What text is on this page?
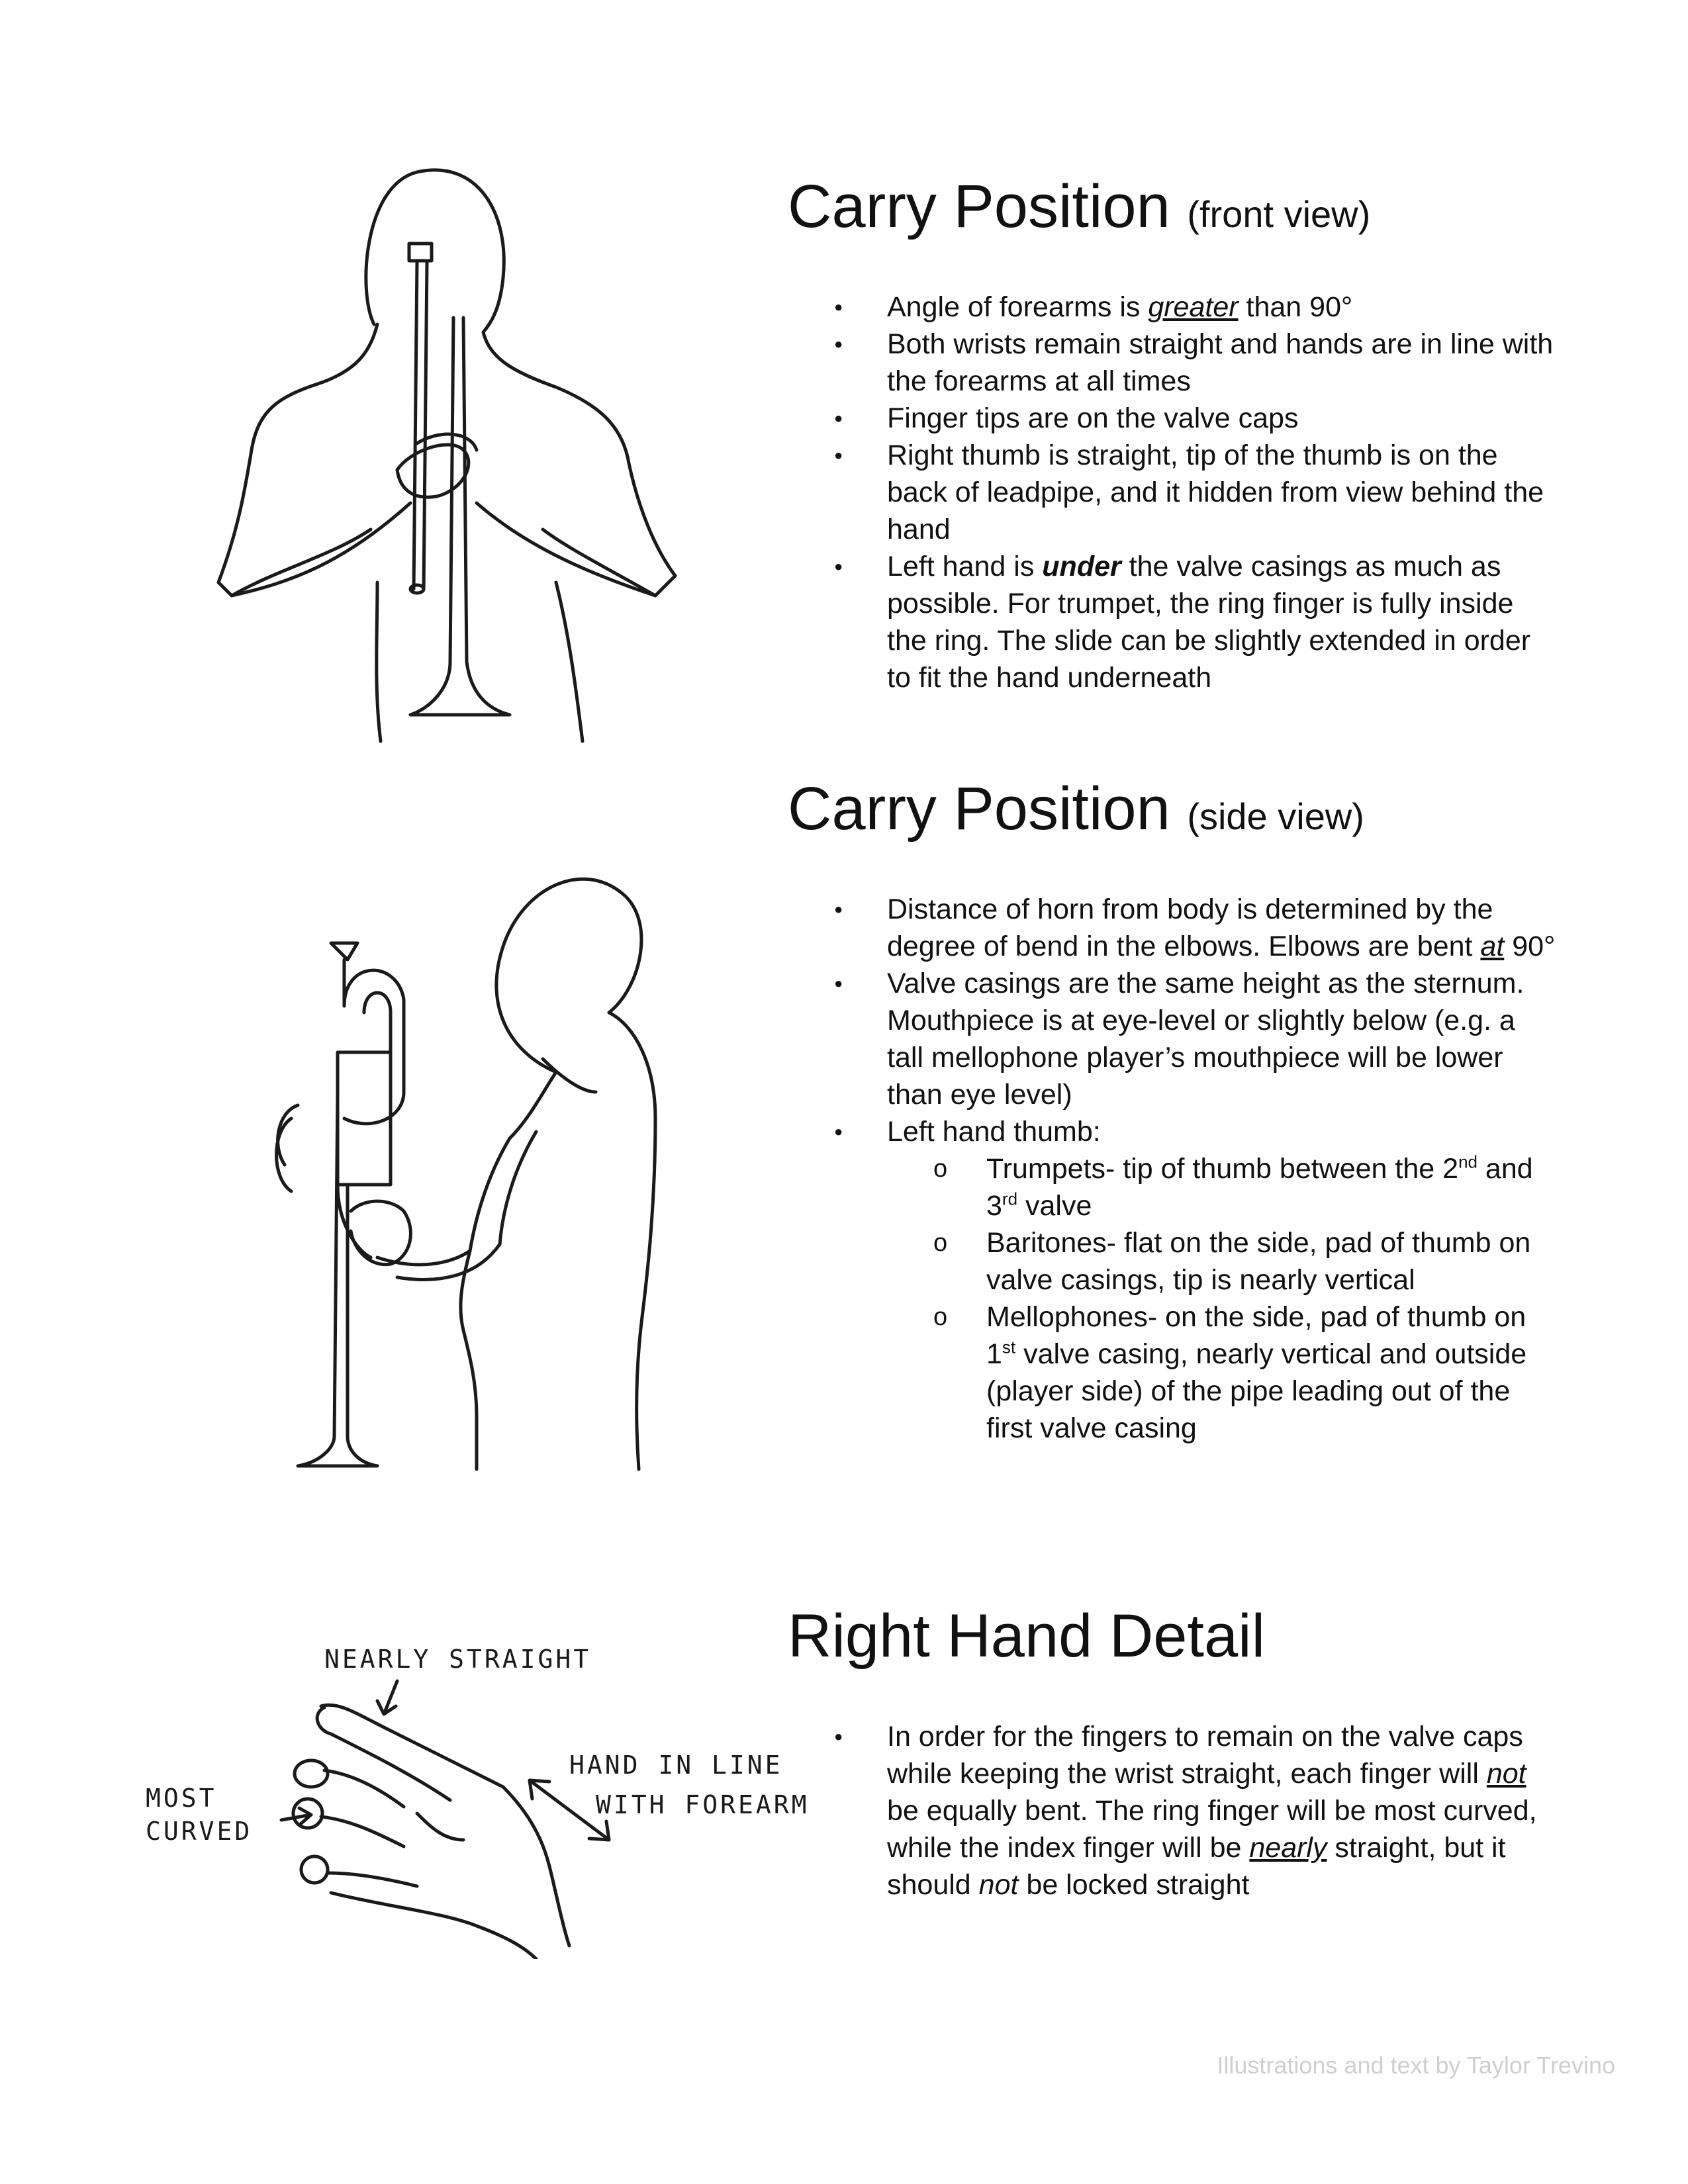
NEARLY STRAIGHT
MOST
CURVED
HAND IN LINE
WITH FOREARM
Carry Position (front view)
● Angle of forearms is greater than 90°
● Both wrists remain straight and hands are in line with the forearms at all times
● Finger tips are on the valve caps
● Right thumb is straight, tip of the thumb is on the back of leadpipe, and it hidden from view behind the hand
● Left hand is under the valve casings as much as possible. For trumpet, the ring finger is fully inside the ring. The slide can be slightly extended in order to fit the hand underneath
Carry Position (side view)
● Distance of horn from body is determined by the degree of bend in the elbows. Elbows are bent at 90°
● Valve casings are the same height as the sternum. Mouthpiece is at eye-level or slightly below (e.g. a tall mellophone player’s mouthpiece will be lower than eye level)
● Left hand thumb:
o Trumpets- tip of thumb between the 2nd and 3rd valve
o Baritones- flat on the side, pad of thumb on valve casings, tip is nearly vertical
o Mellophones- on the side, pad of thumb on 1st valve casing, nearly vertical and outside (player side) of the pipe leading out of the first valve casing
Right Hand Detail
● In order for the fingers to remain on the valve caps while keeping the wrist straight, each finger will not be equally bent. The ring finger will be most curved, while the index finger will be nearly straight, but it should not be locked straight
Illustrations and text by Taylor Trevino
